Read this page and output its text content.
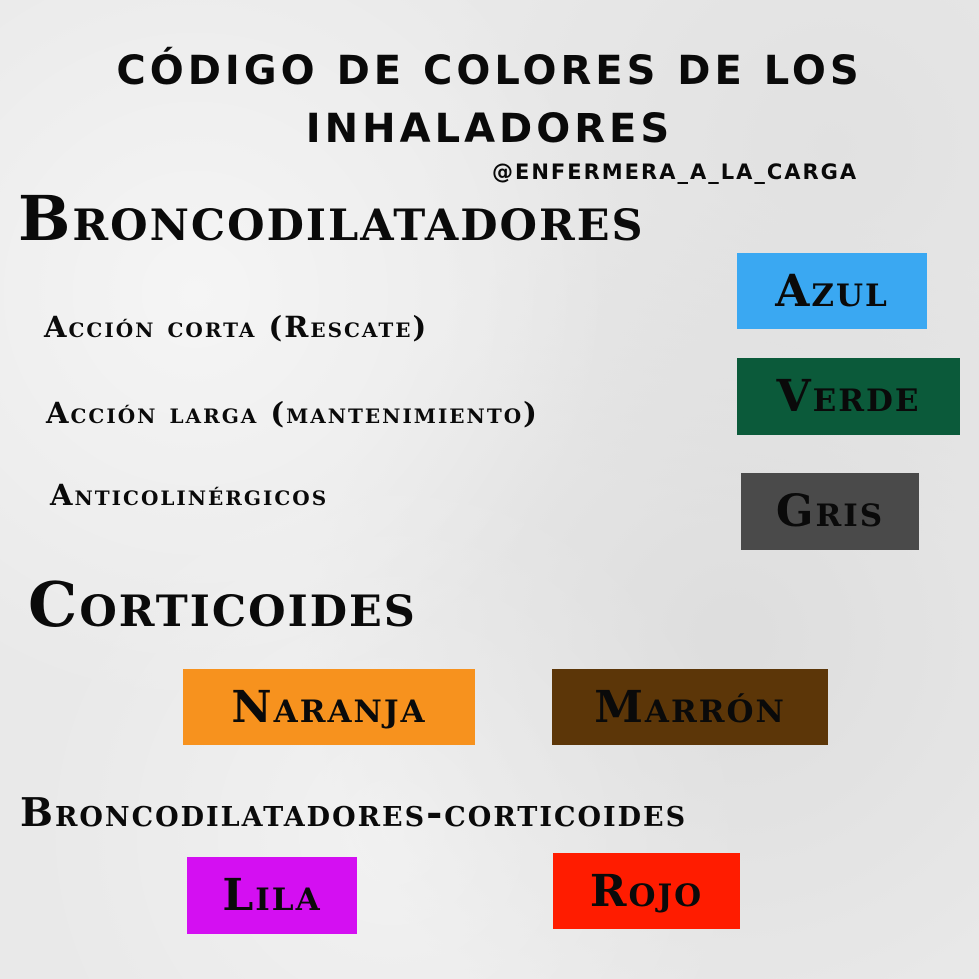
CÓDIGO DE COLORES DE LOS
INHALADORES
@ENFERMERA_A_LA_CARGA
Broncodilatadores
Acción corta (Rescate)
Acción larga (mantenimiento)
Anticolinérgicos
Azul
Verde
Gris
Corticoides
Naranja	Marrón
Broncodilatadores-corticoides
Lila	Rojo
